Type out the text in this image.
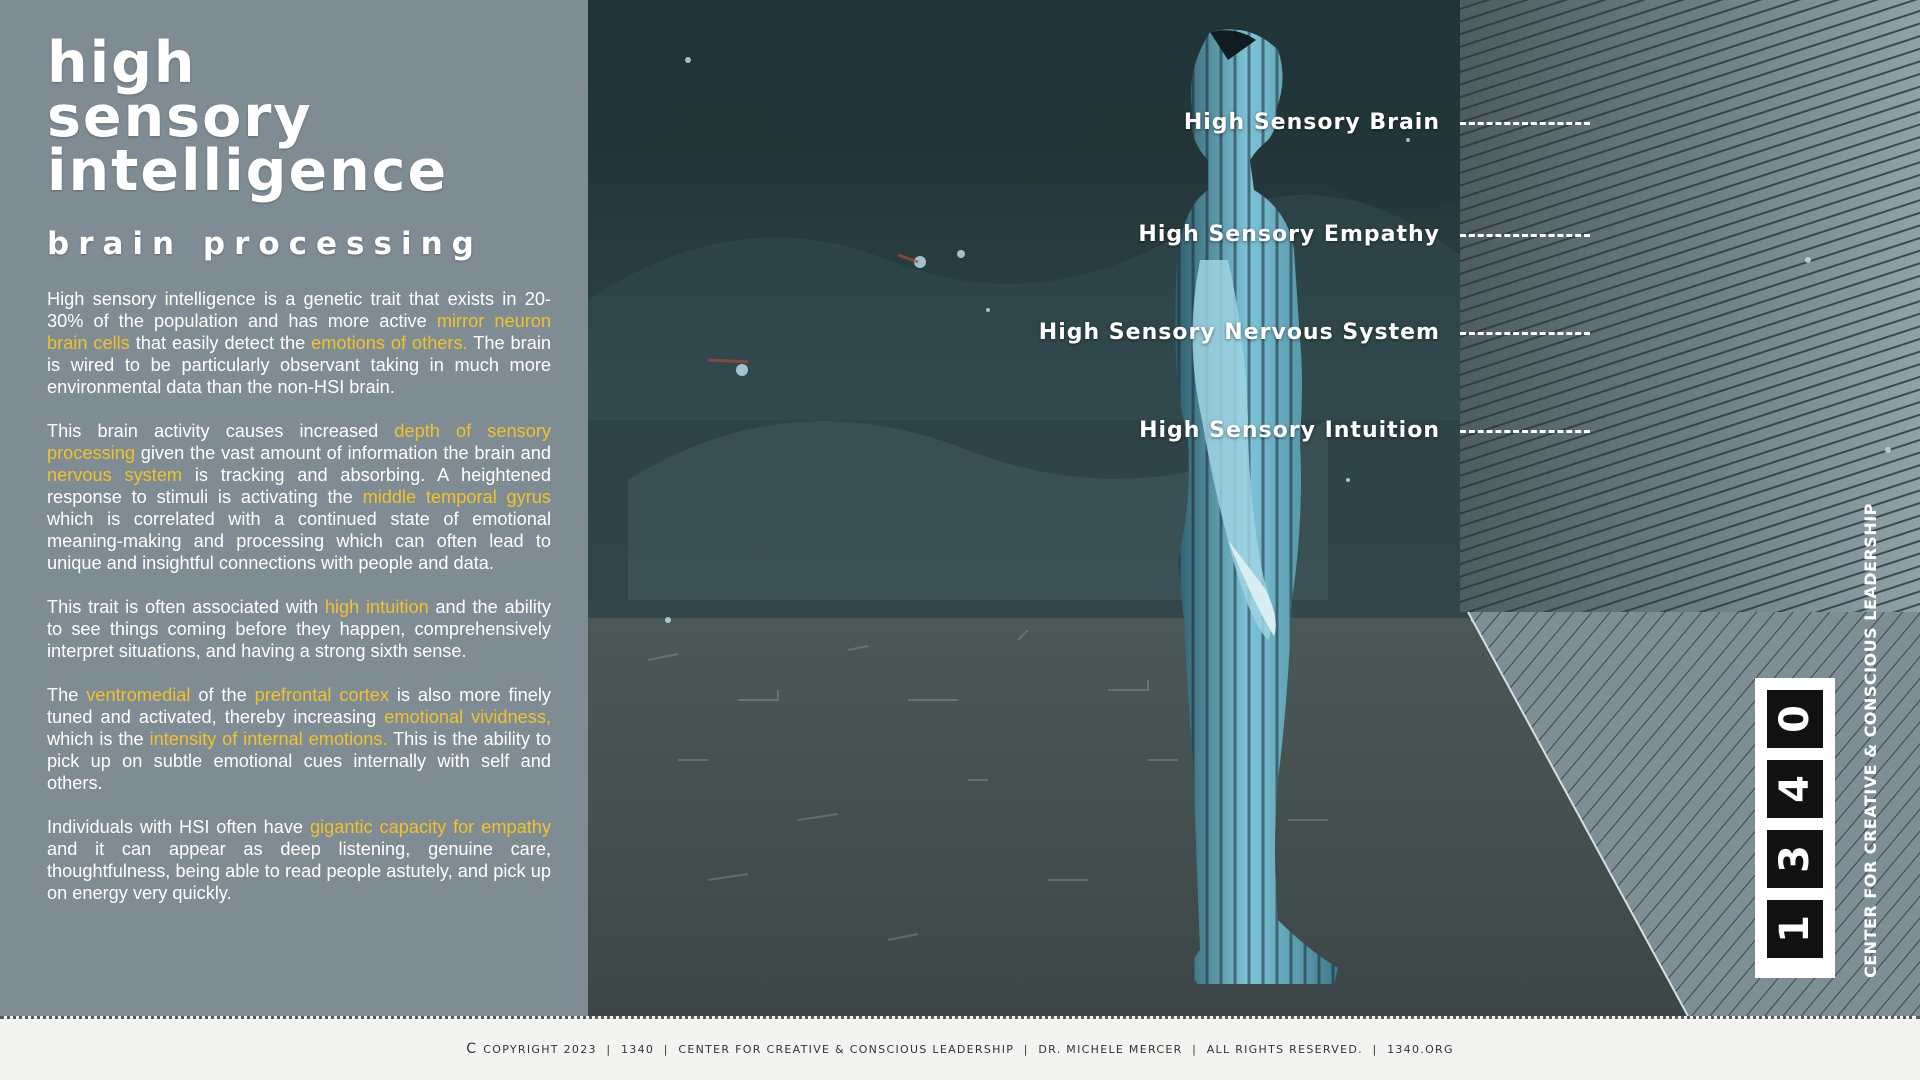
high
sensory
intelligence
brain processing

High sensory intelligence is a genetic trait that exists in 20-30% of the population and has more active mirror neuron brain cells that easily detect the emotions of others. The brain is wired to be particularly observant taking in much more environmental data than the non-HSI brain.

This brain activity causes increased depth of sensory processing given the vast amount of information the brain and nervous system is tracking and absorbing. A heightened response to stimuli is activating the middle temporal gyrus which is correlated with a continued state of emotional meaning-making and processing which can often lead to unique and insightful connections with people and data.

This trait is often associated with high intuition and the ability to see things coming before they happen, comprehensively interpret situations, and having a strong sixth sense.

The ventromedial of the prefrontal cortex is also more finely tuned and activated, thereby increasing emotional vividness, which is the intensity of internal emotions. This is the ability to pick up on subtle emotional cues internally with self and others.

Individuals with HSI often have gigantic capacity for empathy and it can appear as deep listening, genuine care, thoughtfulness, being able to read people astutely, and pick up on energy very quickly.

High Sensory Brain
High Sensory Empathy
High Sensory Nervous System
High Sensory Intuition
0
4
3
1	CENTER FOR CREATIVE & CONSCIOUS LEADERSHIP
C COPYRIGHT 2023  |  1340  |  CENTER FOR CREATIVE & CONSCIOUS LEADERSHIP  |  DR. MICHELE MERCER  |  ALL RIGHTS RESERVED.  |  1340.ORG
